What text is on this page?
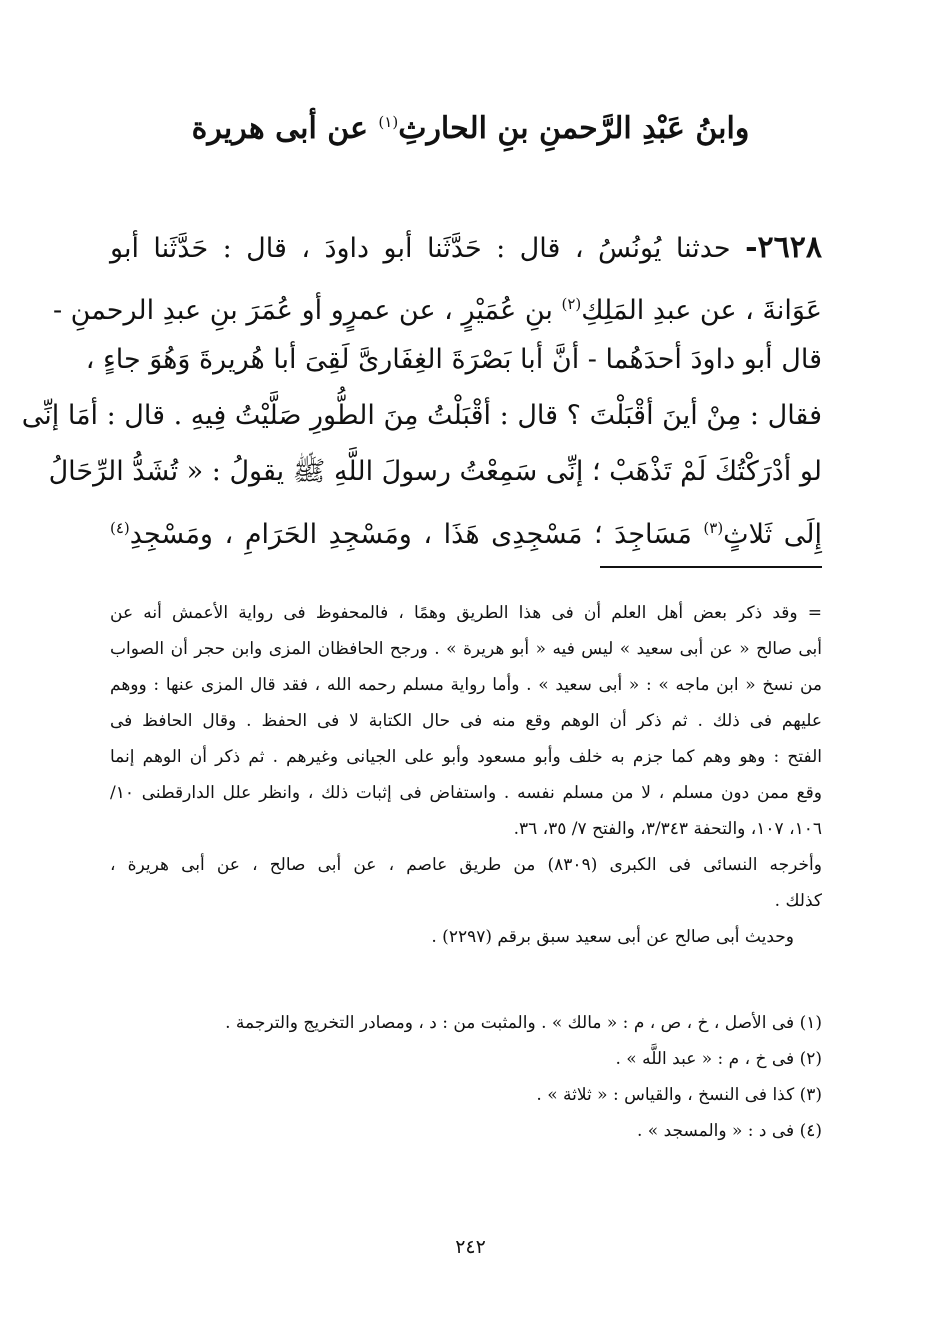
وابنُ عَبْدِ الرَّحمنِ بنِ الحارثِ$^{(١)}$ عن أبى هريرة
٢٦٢٨- حدثنا يُونُسُ ، قال : حَدَّثَنا أبو داودَ ، قال : حَدَّثَنا أبو
عَوَانةَ ، عن عبدِ المَلِكِ$^{(٢)}$ بنِ عُمَيْرٍ ، عن عمرٍو أو عُمَرَ بنِ عبدِ الرحمنِ -
قال أبو داودَ أحدَهُما - أنَّ أبا بَصْرَةَ الغِفَارىَّ لَقِىَ أبا هُريرةَ وَهُوَ جاءٍ ،
فقال : مِنْ أينَ أقْبَلْتَ ؟ قال : أقْبَلْتُ مِنَ الطُّورِ صَلَّيْتُ فِيهِ . قال : أمَا إنِّى
لو أدْرَكْتُكَ لَمْ تَذْهَبْ ؛ إنِّى سَمِعْتُ رسولَ اللَّهِ ﷺ يقولُ : « تُشَدُّ الرِّحَالُ
إِلَى ثَلاثٍ$^{(٣)}$ مَسَاجِدَ ؛ مَسْجِدِى هَذَا ، ومَسْجِدِ الحَرَامِ ، ومَسْجِدِ$^{(٤)}$
= وقد ذكر بعض أهل العلم أن فى هذا الطريق وهمًا ، فالمحفوظ فى رواية الأعمش أنه عن
أبى صالح « عن أبى سعيد » ليس فيه « أبو هريرة » . ورجح الحافظان المزى وابن حجر أن الصواب
من نسخ « ابن ماجه » : « أبى سعيد » . وأما رواية مسلم رحمه الله ، فقد قال المزى عنها : ووهم
عليهم فى ذلك . ثم ذكر أن الوهم وقع منه فى حال الكتابة لا فى الحفظ . وقال الحافظ فى
الفتح : وهو وهم كما جزم به خلف وأبو مسعود وأبو على الجيانى وغيرهم . ثم ذكر أن الوهم إنما
وقع ممن دون مسلم ، لا من مسلم نفسه . واستفاض فى إثبات ذلك ، وانظر علل الدارقطنى ١٠/
١٠٦، ١٠٧، والتحفة ٣/٣٤٣، والفتح ٧/ ٣٥، ٣٦.
وأخرجه النسائى فى الكبرى (٨٣٠٩) من طريق عاصم ، عن أبى صالح ، عن أبى هريرة ،
كذلك .
وحديث أبى صالح عن أبى سعيد سبق برقم (٢٢٩٧) .
(١) فى الأصل ، خ ، ص ، م : « مالك » . والمثبت من : د ، ومصادر التخريج والترجمة .
(٢) فى خ ، م : « عبد اللَّه » .
(٣) كذا فى النسخ ، والقياس : « ثلاثة » .
(٤) فى د : « والمسجد » .
٢٤٢
